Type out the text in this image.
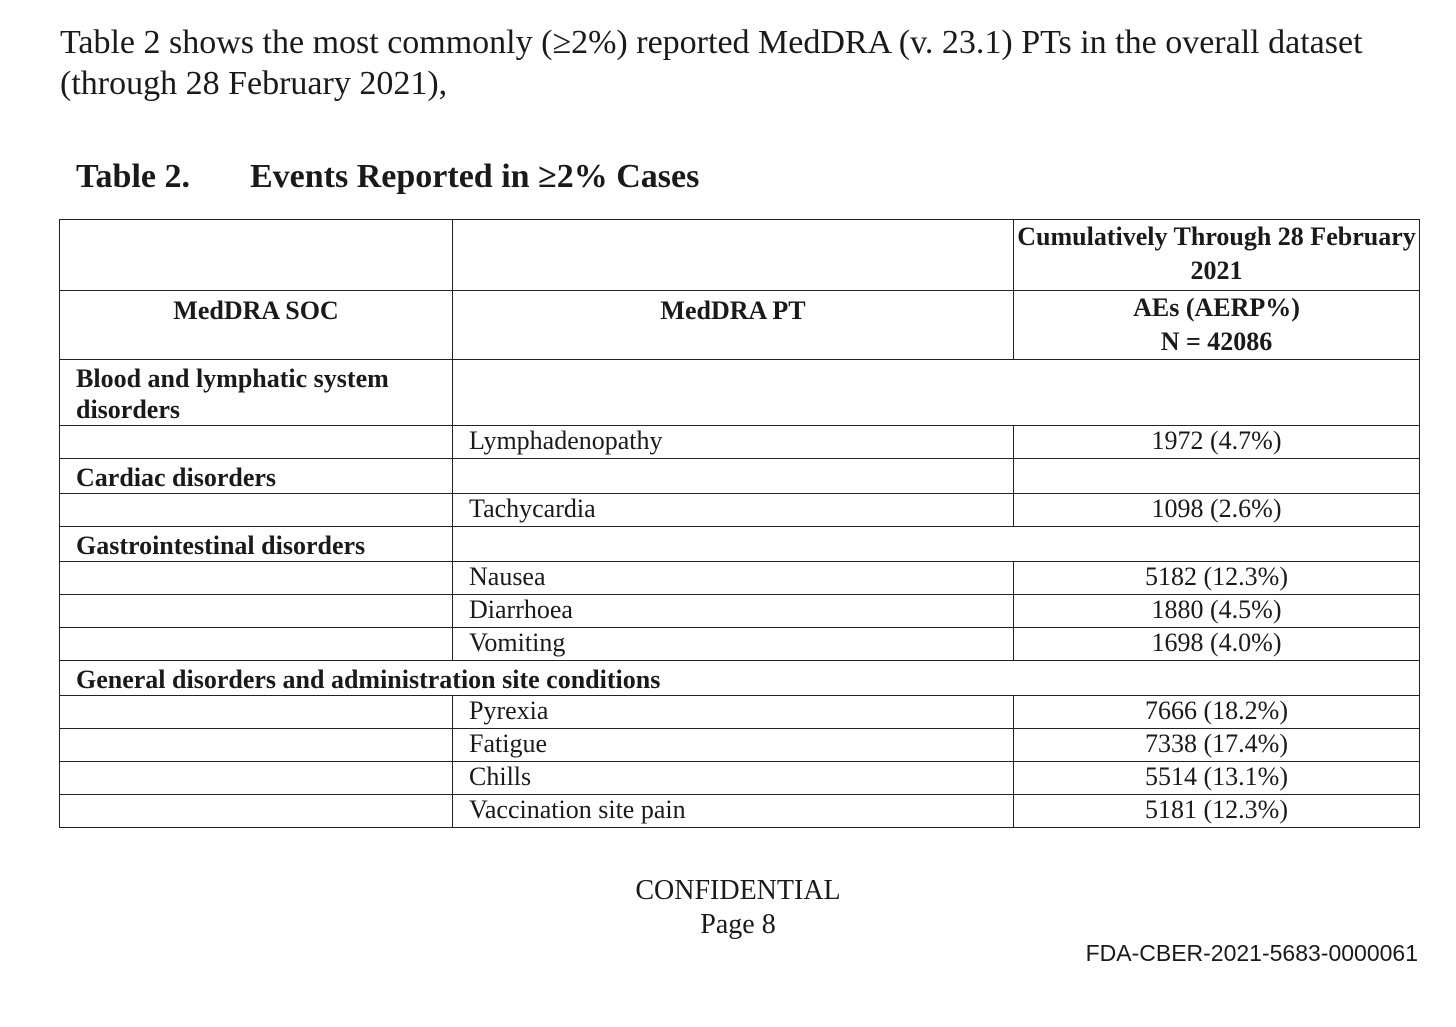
Table 2 shows the most commonly (≥2%) reported MedDRA (v. 23.1) PTs in the overall dataset (through 28 February 2021),

Table 2. Events Reported in ≥2% Cases
		Cumulatively Through 28 February 2021

MedDRA SOC	MedDRA PT	AEs (AERP%)
N = 42086

Blood and lymphatic system disorders		

	Lymphadenopathy	1972 (4.7%)

Cardiac disorders		

	Tachycardia	1098 (2.6%)

Gastrointestinal disorders		

	Nausea	5182 (12.3%)

	Diarrhoea	1880 (4.5%)

	Vomiting	1698 (4.0%)

General disorders and administration site conditions		

	Pyrexia	7666 (18.2%)

	Fatigue	7338 (17.4%)

	Chills	5514 (13.1%)

	Vaccination site pain	5181 (12.3%)
CONFIDENTIAL
Page 8
FDA-CBER-2021-5683-0000061
